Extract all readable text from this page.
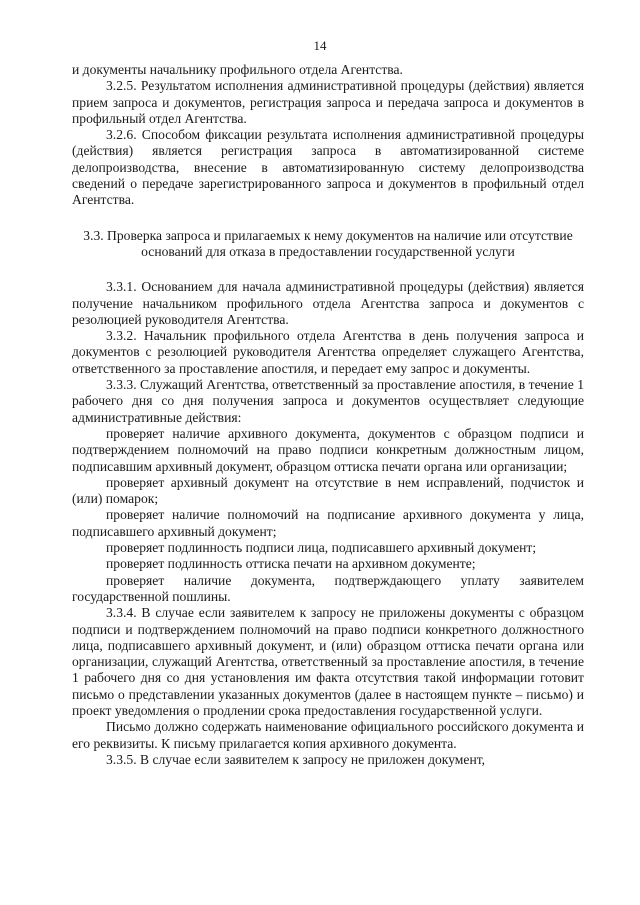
14

и документы начальнику профильного отдела Агентства.

3.2.5. Результатом исполнения административной процедуры (действия) является прием запроса и документов, регистрация запроса и передача запроса и документов в профильный отдел Агентства.

3.2.6. Способом фиксации результата исполнения административной процедуры (действия) является регистрация запроса в автоматизированной системе делопроизводства, внесение в автоматизированную систему делопроизводства сведений о передаче зарегистрированного запроса и документов в профильный отдел Агентства.

3.3. Проверка запроса и прилагаемых к нему документов на наличие или отсутствие оснований для отказа в предоставлении государственной услуги

3.3.1. Основанием для начала административной процедуры (действия) является получение начальником профильного отдела Агентства запроса и документов с резолюцией руководителя Агентства.

3.3.2. Начальник профильного отдела Агентства в день получения запроса и документов с резолюцией руководителя Агентства определяет служащего Агентства, ответственного за проставление апостиля, и передает ему запрос и документы.

3.3.3. Служащий Агентства, ответственный за проставление апостиля, в течение 1 рабочего дня со дня получения запроса и документов осуществляет следующие административные действия:

проверяет наличие архивного документа, документов с образцом подписи и подтверждением полномочий на право подписи конкретным должностным лицом, подписавшим архивный документ, образцом оттиска печати органа или организации;

проверяет архивный документ на отсутствие в нем исправлений, подчисток и (или) помарок;

проверяет наличие полномочий на подписание архивного документа у лица, подписавшего архивный документ;

проверяет подлинность подписи лица, подписавшего архивный документ;

проверяет подлинность оттиска печати на архивном документе;

проверяет наличие документа, подтверждающего уплату заявителем государственной пошлины.

3.3.4. В случае если заявителем к запросу не приложены документы с образцом подписи и подтверждением полномочий на право подписи конкретного должностного лица, подписавшего архивный документ, и (или) образцом оттиска печати органа или организации, служащий Агентства, ответственный за проставление апостиля, в течение 1 рабочего дня со дня установления им факта отсутствия такой информации готовит письмо о представлении указанных документов (далее в настоящем пункте – письмо) и проект уведомления о продлении срока предоставления государственной услуги.

Письмо должно содержать наименование официального российского документа и его реквизиты. К письму прилагается копия архивного документа.

3.3.5. В случае если заявителем к запросу не приложен документ,
